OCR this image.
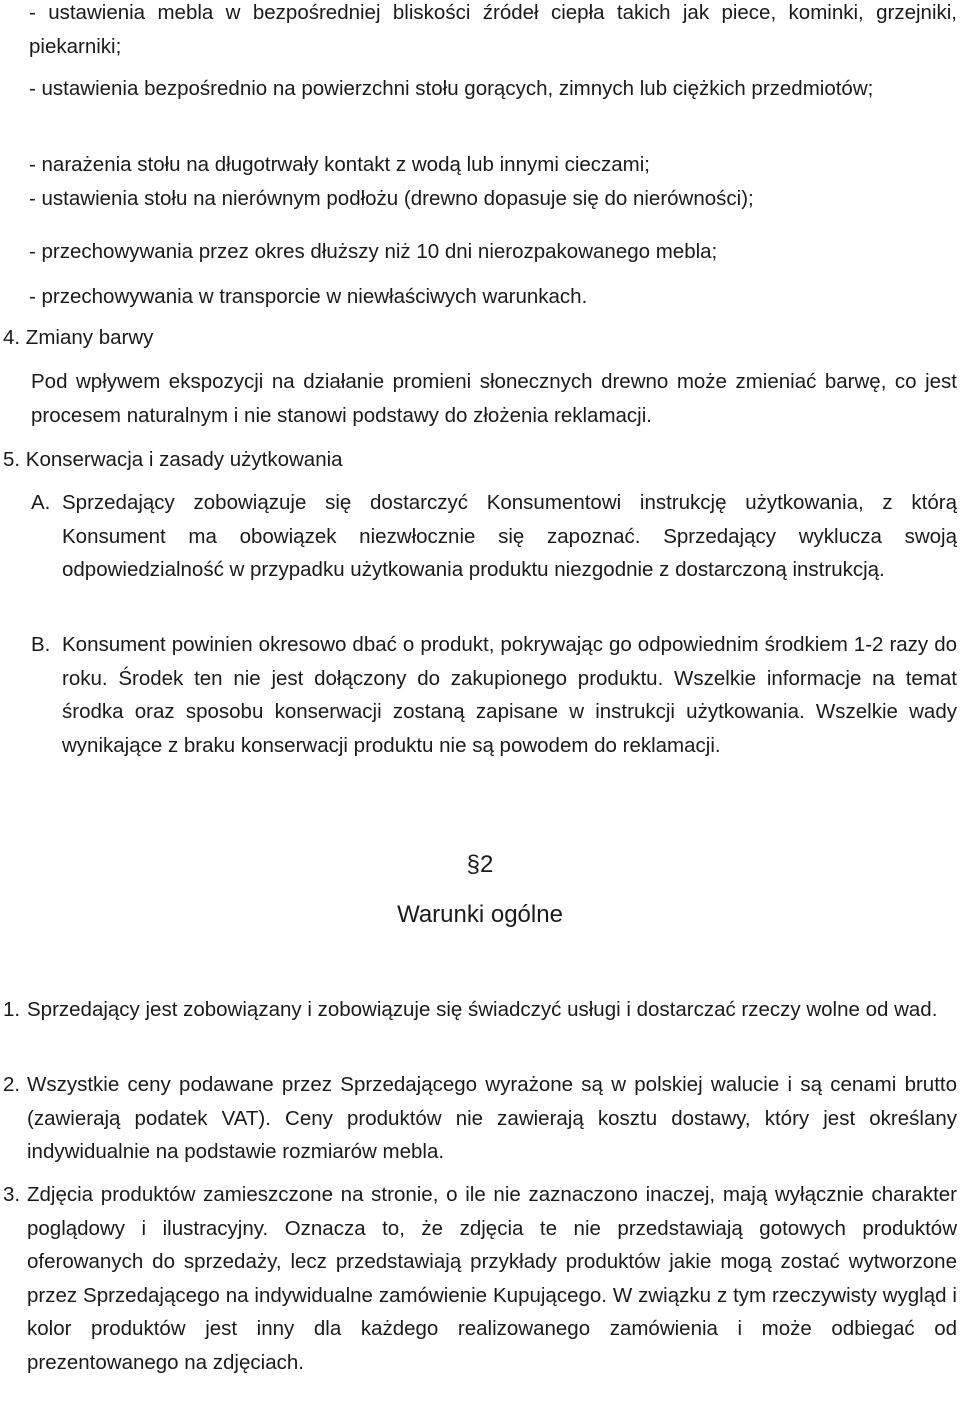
- ustawienia mebla w bezpośredniej bliskości źródeł ciepła takich jak piece, kominki, grzejniki, piekarniki;
- ustawienia bezpośrednio na powierzchni stołu gorących, zimnych lub ciężkich przedmiotów;
- narażenia stołu na długotrwały kontakt z wodą lub innymi cieczami;
- ustawienia stołu na nierównym podłożu (drewno dopasuje się do nierówności);
- przechowywania przez okres dłuższy niż 10 dni nierozpakowanego mebla;
- przechowywania w transporcie w niewłaściwych warunkach.
4. Zmiany barwy
Pod wpływem ekspozycji na działanie promieni słonecznych drewno może zmieniać barwę, co jest procesem naturalnym i nie stanowi podstawy do złożenia reklamacji.
5. Konserwacja i zasady użytkowania
A. Sprzedający zobowiązuje się dostarczyć Konsumentowi instrukcję użytkowania, z którą Konsument ma obowiązek niezwłocznie się zapoznać. Sprzedający wyklucza swoją odpowiedzialność w przypadku użytkowania produktu niezgodnie z dostarczoną instrukcją.
B. Konsument powinien okresowo dbać o produkt, pokrywając go odpowiednim środkiem 1-2 razy do roku. Środek ten nie jest dołączony do zakupionego produktu. Wszelkie informacje na temat środka oraz sposobu konserwacji zostaną zapisane w instrukcji użytkowania. Wszelkie wady wynikające z braku konserwacji produktu nie są powodem do reklamacji.
§2
Warunki ogólne
1. Sprzedający jest zobowiązany i zobowiązuje się świadczyć usługi i dostarczać rzeczy wolne od wad.
2. Wszystkie ceny podawane przez Sprzedającego wyrażone są w polskiej walucie i są cenami brutto (zawierają podatek VAT). Ceny produktów nie zawierają kosztu dostawy, który jest określany indywidualnie na podstawie rozmiarów mebla.
3. Zdjęcia produktów zamieszczone na stronie, o ile nie zaznaczono inaczej, mają wyłącznie charakter poglądowy i ilustracyjny. Oznacza to, że zdjęcia te nie przedstawiają gotowych produktów oferowanych do sprzedaży, lecz przedstawiają przykłady produktów jakie mogą zostać wytworzone przez Sprzedającego na indywidualne zamówienie Kupującego. W związku z tym rzeczywisty wygląd i kolor produktów jest inny dla każdego realizowanego zamówienia i może odbiegać od prezentowanego na zdjęciach.
